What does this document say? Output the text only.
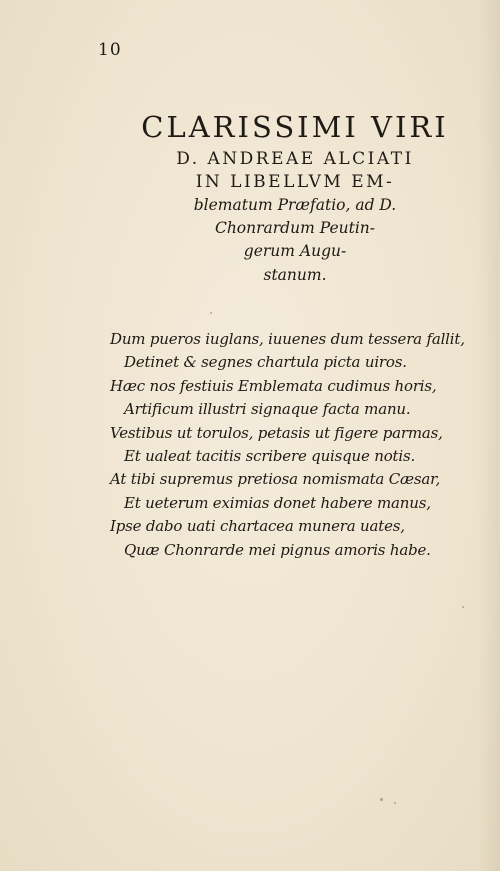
10
CLARISSIMI VIRI
D. ANDREAE ALCIATI
IN LIBELLVM EM-
blematum Præfatio, ad D.
Chonrardum Peutin-
gerum Augu-
stanum.
Dum pueros iuglans, iuuenes dum tessera fallit,
Detinet & segnes chartula picta uiros.
Hæc nos festiuis Emblemata cudimus horis,
Artificum illustri signaque facta manu.
Vestibus ut torulos, petasis ut figere parmas,
Et ualeat tacitis scribere quisque notis.
At tibi supremus pretiosa nomismata Cæsar,
Et ueterum eximias donet habere manus,
Ipse dabo uati chartacea munera uates,
Quæ Chonrarde mei pignus amoris habe.
